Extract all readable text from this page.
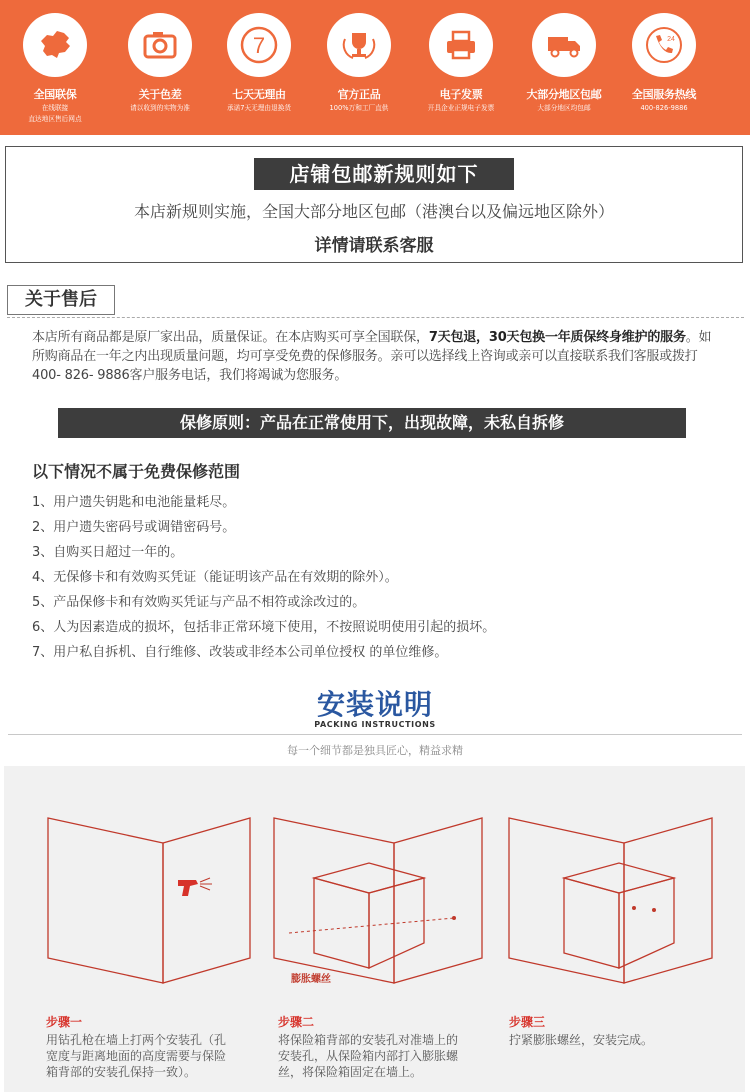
全国联保
在线联接
直达地区售后网点
关于色差
请以收到的实物为准
7
七天无理由
承诺7天无理由退换货
官方正品
100%万和工厂直供
电子发票
开具企业正规电子发票
大部分地区包邮
大部分地区均包邮
24
全国服务热线
400-826-9886
店铺包邮新规则如下
本店新规则实施，全国大部分地区包邮（港澳台以及偏远地区除外）
详情请联系客服
关于售后
本店所有商品都是原厂家出品，质量保证。在本店购买可享全国联保，7天包退，30天包换一年质保终身维护的服务。如所购商品在一年之内出现质量问题，均可享受免费的保修服务。亲可以选择线上咨询或亲可以直接联系我们客服或拨打400- 826- 9886客户服务电话，我们将竭诚为您服务。
保修原则：产品在正常使用下，出现故障，未私自拆修
以下情况不属于免费保修范围
1、用户遗失钥匙和电池能量耗尽。
2、用户遗失密码号或调错密码号。
3、自购买日超过一年的。
4、无保修卡和有效购买凭证（能证明该产品在有效期的除外）。
5、产品保修卡和有效购买凭证与产品不相符或涂改过的。
6、人为因素造成的损坏，包括非正常环境下使用，不按照说明使用引起的损坏。
7、用户私自拆机、自行维修、改装或非经本公司单位授权 的单位维修。
安装说明
PACKING INSTRUCTIONS
每一个细节都是独具匠心，精益求精
步骤一
用钻孔枪在墙上打两个安装孔（孔
宽度与距离地面的高度需要与保险
箱背部的安装孔保持一致）。
步骤二
将保险箱背部的安装孔对准墙上的
安装孔，从保险箱内部打入膨胀螺
丝，将保险箱固定在墙上。
步骤三
拧紧膨胀螺丝，安装完成。
膨胀螺丝
